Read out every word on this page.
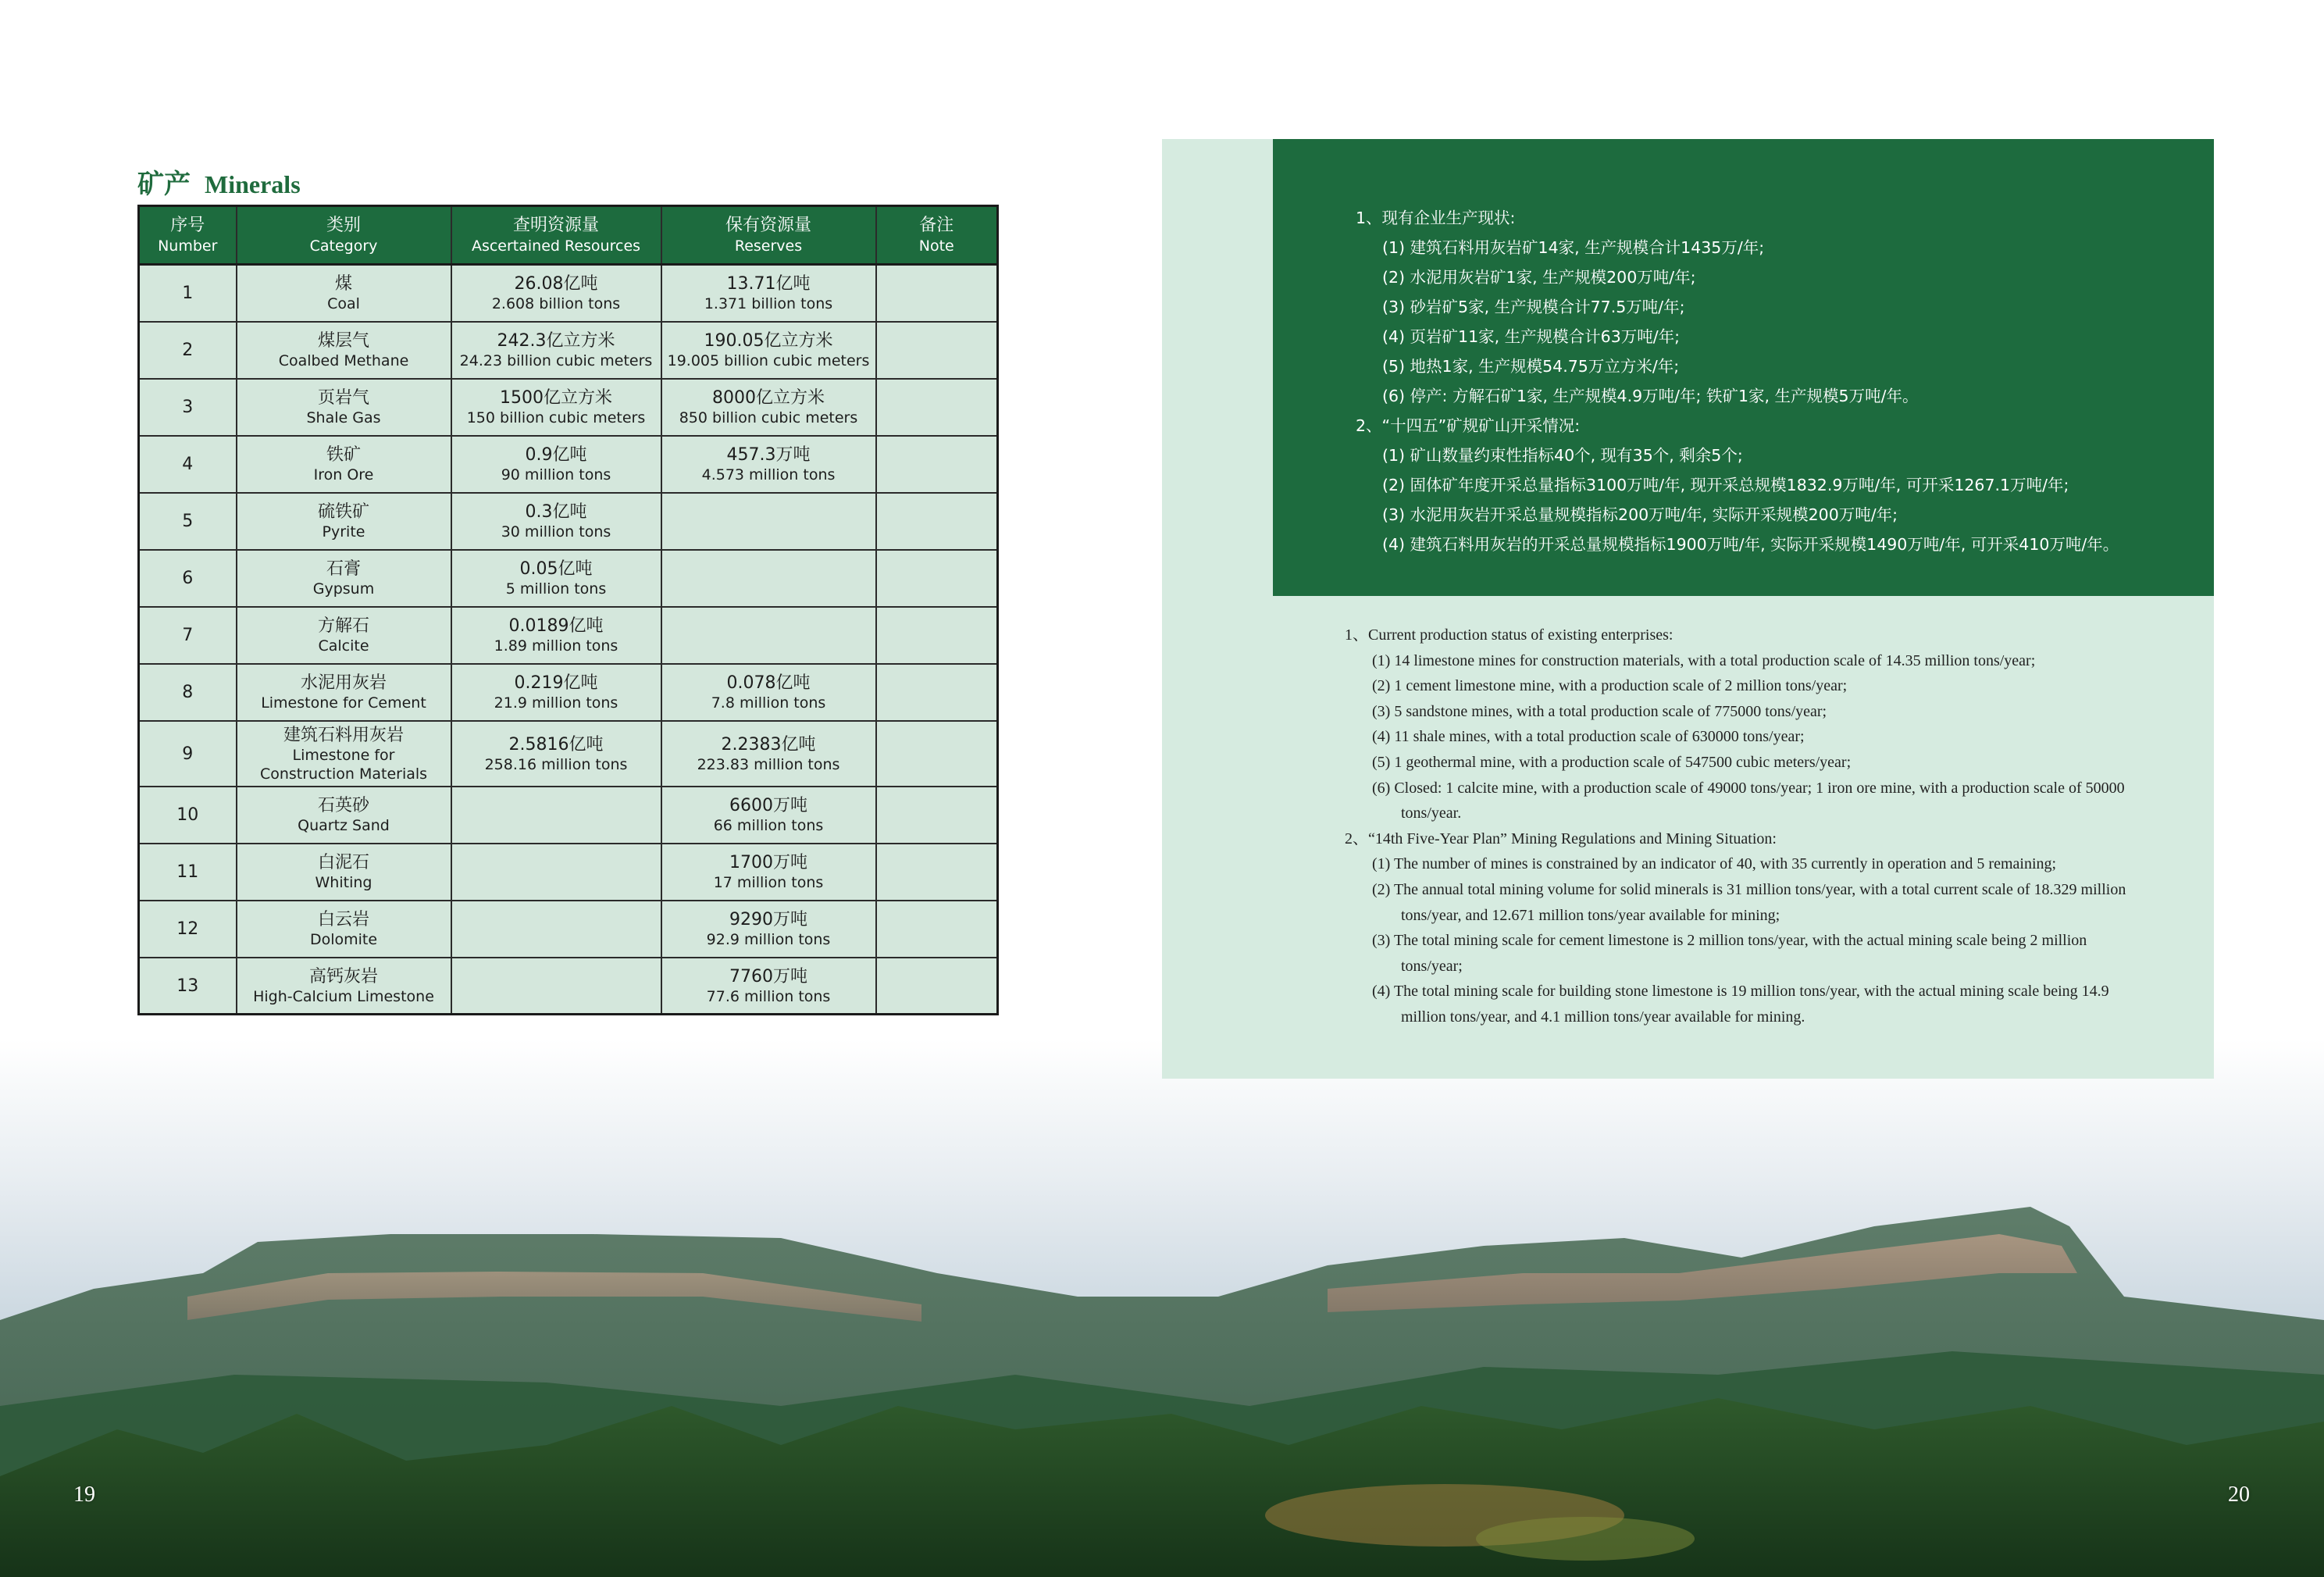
矿产 Minerals
序号
Number	类别
Category	查明资源量
Ascertained Resources	保有资源量
Reserves	备注
Note

1	煤
Coal	26.08亿吨
2.608 billion tons	13.71亿吨
1.371 billion tons	

2	煤层气
Coalbed Methane	242.3亿立方米
24.23 billion cubic meters	190.05亿立方米
19.005 billion cubic meters	

3	页岩气
Shale Gas	1500亿立方米
150 billion cubic meters	8000亿立方米
850 billion cubic meters	

4	铁矿
Iron Ore	0.9亿吨
90 million tons	457.3万吨
4.573 million tons	

5	硫铁矿
Pyrite	0.3亿吨
30 million tons		

6	石膏
Gypsum	0.05亿吨
5 million tons		

7	方解石
Calcite	0.0189亿吨
1.89 million tons		

8	水泥用灰岩
Limestone for Cement	0.219亿吨
21.9 million tons	0.078亿吨
7.8 million tons	

9	建筑石料用灰岩
Limestone for
Construction Materials	2.5816亿吨
258.16 million tons	2.2383亿吨
223.83 million tons	

10	石英砂
Quartz Sand		6600万吨
66 million tons	

11	白泥石
Whiting		1700万吨
17 million tons	

12	白云岩
Dolomite		9290万吨
92.9 million tons	

13	高钙灰岩
High-Calcium Limestone		7760万吨
77.6 million tons	

1、现有企业生产现状:
(1) 建筑石料用灰岩矿14家, 生产规模合计1435万/年;
(2) 水泥用灰岩矿1家, 生产规模200万吨/年;
(3) 砂岩矿5家, 生产规模合计77.5万吨/年;
(4) 页岩矿11家, 生产规模合计63万吨/年;
(5) 地热1家, 生产规模54.75万立方米/年;
(6) 停产: 方解石矿1家, 生产规模4.9万吨/年; 铁矿1家, 生产规模5万吨/年。
2、“十四五”矿规矿山开采情况:
(1) 矿山数量约束性指标40个, 现有35个, 剩余5个;
(2) 固体矿年度开采总量指标3100万吨/年, 现开采总规模1832.9万吨/年, 可开采1267.1万吨/年;
(3) 水泥用灰岩开采总量规模指标200万吨/年, 实际开采规模200万吨/年;
(4) 建筑石料用灰岩的开采总量规模指标1900万吨/年, 实际开采规模1490万吨/年, 可开采410万吨/年。
1、Current production status of existing enterprises:
(1) 14 limestone mines for construction materials, with a total production scale of 14.35 million tons/year;
(2) 1 cement limestone mine, with a production scale of 2 million tons/year;
(3) 5 sandstone mines, with a total production scale of 775000 tons/year;
(4) 11 shale mines, with a total production scale of 630000 tons/year;
(5) 1 geothermal mine, with a production scale of 547500 cubic meters/year;
(6) Closed: 1 calcite mine, with a production scale of 49000 tons/year; 1 iron ore mine, with a production scale of 50000 tons/year.
2、“14th Five-Year Plan” Mining Regulations and Mining Situation:
(1) The number of mines is constrained by an indicator of 40, with 35 currently in operation and 5 remaining;
(2) The annual total mining volume for solid minerals is 31 million tons/year, with a total current scale of 18.329 million tons/year, and 12.671 million tons/year available for mining;
(3) The total mining scale for cement limestone is 2 million tons/year, with the actual mining scale being 2 million tons/year;
(4) The total mining scale for building stone limestone is 19 million tons/year, with the actual mining scale being 14.9 million tons/year, and 4.1 million tons/year available for mining.
19	20
